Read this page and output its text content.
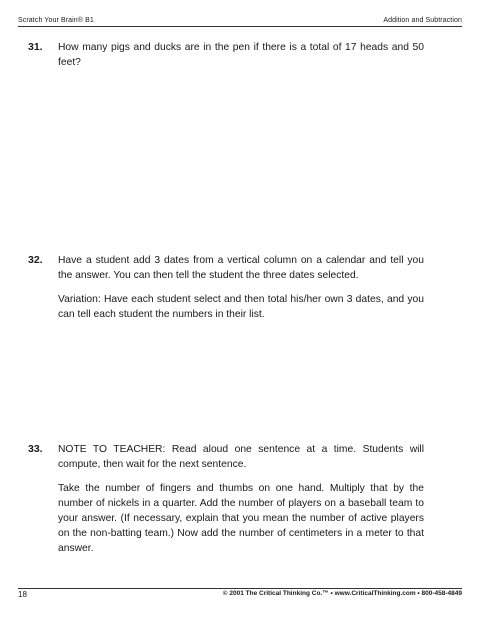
Scratch Your Brain® B1	Addition and Subtraction
31. How many pigs and ducks are in the pen if there is a total of 17 heads and 50 feet?

32. Have a student add 3 dates from a vertical column on a calendar and tell you the answer. You can then tell the student the three dates selected.

Variation: Have each student select and then total his/her own 3 dates, and you can tell each student the numbers in their list.

33. NOTE TO TEACHER: Read aloud one sentence at a time. Students will compute, then wait for the next sentence.

Take the number of fingers and thumbs on one hand. Multiply that by the number of nickels in a quarter. Add the number of players on a baseball team to your answer. (If necessary, explain that you mean the number of active players on the non-batting team.) Now add the number of centimeters in a meter to that answer.

18	© 2001 The Critical Thinking Co.™ • www.CriticalThinking.com • 800-458-4849
